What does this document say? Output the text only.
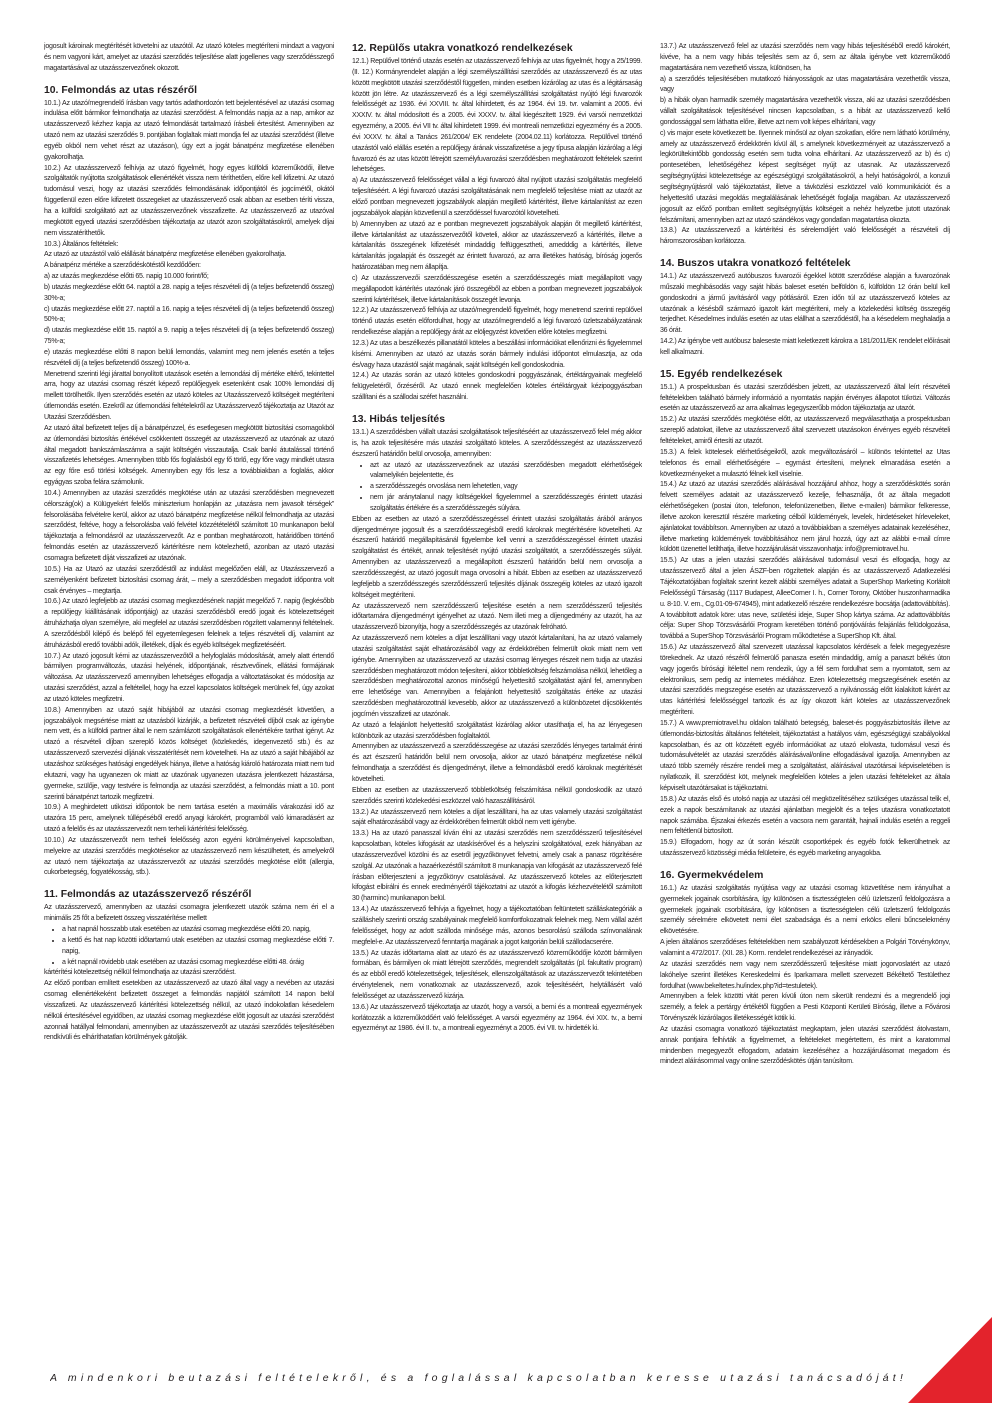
jogosult károinak megtérítését követelni az utazótól. Az utazó köteles megtéríteni mindazt a vagyoni és nem vagyoni kárt, amelyet az utazási szerződés teljesítése alatt jogellenes vagy szerződésszegő magatartásával az utazásszervezőnek okozott.

10. Felmondás az utas részéről

10.1.) Az utazó/megrendelő írásban vagy tartós adathordozón tett bejelentésével az utazási csomag indulása előtt bármikor felmondhatja az utazási szerződést. A felmondás napja az a nap, amikor az utazásszervező kézhez kapja az utazó felmondását tartalmazó írásbeli értesítést. Amennyiben az utazó nem az utazási szerződés 9. pontjában foglaltak miatt mondja fel az utazási szerződést (illetve egyéb okból nem vehet részt az utazáson), úgy ezt a jogát bánatpénz megfizetése ellenében gyakorolhatja.

10.2.) Az utazásszervező felhívja az utazó figyelmét, hogy egyes külföldi közreműködői, illetve szolgáltatók nyújtotta szolgáltatások ellenértékét vissza nem téríthetően, előre kell kifizetni. Az utazó tudomásul veszi, hogy az utazási szerződés felmondásának időpontjától és jogcímétől, okától függetlenül ezen előre kifizetett összegeket az utazásszervező csak abban az esetben téríti vissza, ha a külföldi szolgáltató azt az utazásszervezőnek visszafizette. Az utazásszervező az utazóval megkötött egyedi utazási szerződésben tájékoztatja az utazót azon szolgáltatásokról, amelyek díjai nem visszatéríthetők.

10.3.) Általános feltételek:

Az utazó az utazástól való elállását bánatpénz megfizetése ellenében gyakorolhatja.

A bánatpénz mértéke a szerződéskötéstől kezdődően:

a) az utazás megkezdése előtti 65. napig 10.000 forint/fő;

b) utazás megkezdése előtt 64. naptól a 28. napig a teljes részvételi díj (a teljes befizetendő összeg) 30%-a;

c) utazás megkezdése előtt 27. naptól a 16. napig a teljes részvételi díj (a teljes befizetendő összeg) 50%-a;

d) utazás megkezdése előtt 15. naptól a 9. napig a teljes részvételi díj (a teljes befizetendő összeg) 75%-a;

e) utazás megkezdése előtti 8 napon belüli lemondás, valamint meg nem jelenés esetén a teljes részvételi díj (a teljes befizetendő összeg) 100%-a.

Menetrend szerinti légi járattal bonyolított utazások esetén a lemondási díj mértéke eltérő, tekintettel arra, hogy az utazási csomag részét képező repülőjegyek esetenként csak 100% lemondási díj mellett törölhetők. Ilyen szerződés esetén az utazó köteles az Utazásszervező költségeit megtéríteni útlemondás esetén. Ezekről az útlemondási feltételekről az Utazásszervező tájékoztatja az Utazót az Utazási Szerződésben.

Az utazó által befizetett teljes díj a bánatpénzzel, és esetlegesen megkötött biztosítási csomagokból az útlemondási biztosítás értékével csökkentett összegét az utazásszervező az utazónak az utazó által megadott bankszámlaszámra a saját költségén visszautalja. Csak banki átutalással történő visszafizetés lehetséges. Amennyiben több fős foglalásból egy fő törlő, egy főre vagy mindkét utasra az egy főre eső törlési költségek. Amennyiben egy fős lesz a továbbiakban a foglalás, akkor egyágyas szoba felára számolunk.

10.4.) Amennyiben az utazási szerződés megkötése után az utazási szerződésben megnevezett célország(ok) a Külügyekért felelős miniszterium honlapján az „utazásra nem javasolt térségek” felsorolásába felvételre kerül, akkor az utazó bánatpénz megfizetése nélkül felmondhatja az utazási szerződést, feltéve, hogy a felsorolásba való felvétel közzétételétől számított 10 munkanapon belül tájékoztatja a felmondásról az utazásszervezőt. Az e pontban meghatározott, határidőben történő felmondás esetén az utazásszervező kártérítésre nem kötelezhető, azonban az utazó utazási csomagra befizetett díját visszafizeti az utazónak.

10.5.) Ha az Utazó az utazási szerződéstől az indulást megelőzően eláll, az Utazásszervező a személyenként befizetett biztosítási csomag árát, – mely a szerződésben megadott időpontra volt csak érvényes – megtartja.

10.6.) Az utazó legfeljebb az utazási csomag megkezdésének napját megelőző 7. napig (legkésőbb a repülőjegy kiállításának időpontjáig) az utazási szerződésből eredő jogait és kötelezettségeit átruházhatja olyan személyre, aki megfelel az utazási szerződésben rögzített valamennyi feltételnek. A szerződésből kilépő és belépő fél egyetemlegesen felelnek a teljes részvételi díj, valamint az átruházásból eredő további adók, illetékek, díjak és egyéb költségek megfizetéséért.

10.7.) Az utazó jogosult kérni az utazásszervezőtől a helyfoglalás módosítását, amely alatt értendő bármilyen programváltozás, utazási helyének, időpontjának, résztvevőinek, ellátási formájának változása. Az utazásszervező amennyiben lehetséges elfogadja a változtatásokat és módosítja az utazási szerződést, azzal a feltétellel, hogy ha ezzel kapcsolatos költségek merülnek fel, úgy azokat az utazó köteles megfizetni.

10.8.) Amennyiben az utazó saját hibájából az utazási csomag megkezdését követően, a jogszabályok megsértése miatt az utazásból kizárják, a befizetett részvételi díjból csak az igénybe nem vett, és a külföldi partner által le nem számlázott szolgáltatások ellenértékére tarthat igényt. Az utazó a részvételi díjban szereplő közös költséget (közlekedés, idegenvezető stb.) és az utazásszervező szervezési díjának visszatérítését nem követelheti. Ha az utazó a saját hibájából az utazáshoz szükséges hatósági engedélyek hiánya, illetve a hatóság kiároló határozata miatt nem tud elutazni, vagy ha ugyanezen ok miatt az utazónak ugyanezen utazásra jelentkezett házastársa, gyermeke, szülője, vagy testvére is felmondja az utazási szerződést, a felmondás miatt a 10. pont szerinti bánatpénzt tartozik megfizetni.

10.9.) A meghirdetett utiköszi időpontok be nem tartása esetén a maximális várakozási idő az utazóra 15 perc, amelynek túllépéséből eredő anyagi károkért, programból való kimaradásért az utazó a felelős és az utazásszervezőt nem terheli kártérítési felelősség.

10.10.) Az utazásszervezőt nem terheli felelősség azon egyéni körülményeivel kapcsolatban, melyekre az utazási szerződés megkötésekor az utazásszervező nem készülhetett, és amelyekről az utazó nem tájékoztatja az utazásszervezőt az utazási szerződés megkötése előtt (allergia, cukorbetegség, fogyatékosság, stb.).

11. Felmondás az utazásszervező részéről

Az utazásszervező, amennyiben az utazási csomagra jelentkezett utazók száma nem éri el a minimális 25 főt a befizetett összeg visszatérítése mellett

• a hat napnál hosszabb utak esetében az utazási csomag megkezdése előtti 20. napig,
• a kettő és hat nap közötti időtartamú utak esetében az utazási csomag megkezdése előtti 7. napig,
• a két napnál rövidebb utak esetében az utazási csomag megkezdése előtti 48. óráig

kártérítési kötelezettség nélkül felmondhatja az utazási szerződést.

Az előző pontban említett esetekben az utazásszervező az utazó által vagy a nevében az utazási csomag ellenértékeként befizetett összeget a felmondás napjától számított 14 napon belül visszafizeti. Az utazásszervező kártérítési kötelezettség nélkül, az utazó indokolatlan késedelem nélküli értesítésével egyidőben, az utazási csomag megkezdése előtt jogosult az utazási szerződést azonnali hatállyal felmondani, amennyiben az utazásszervezőt az utazási szerződés teljesítésében rendkívüli és elháríthatatlan körülmények gátolják.

12. Repülős utakra vonatkozó rendelkezések

12.1.) Repülővel történő utazás esetén az utazásszervező felhívja az utas figyelmét, hogy a 25/1999. (II. 12.) Kormányrendelet alapján a légi személyszállítási szerződés az utazásszervező és az utas között megkötött utazási szerződéstől független, minden esetben kizárólag az utas és a légitársaság között jön létre. Az utazásszervező és a légi személyszállítási szolgáltatást nyújtó légi fuvarozók felelősségét az 1936. évi XXVIII. tv. által kihirdetett, és az 1964. évi 19. tvr. valamint a 2005. évi XXXIV. tv. által módosított és a 2005. évi XXXV. tv. által kiegészített 1929. évi varsói nemzetközi egyezmény, a 2005. évi VII tv. által kihirdetett 1999. évi montreali nemzetközi egyezmény és a 2005. évi XXXV. tv. által a Tanács 261/2004/ EK rendelete (2004.02.11) korlátozza. Repülővel történő utazástól való elállás esetén a repülőjegy árának visszafizetése a jegy típusa alapján kizárólag a légi fuvarozó és az utas között létrejött személyfuvarozási szerződésben meghatározott feltételek szerint lehetséges.

a) Az utazásszervező felelősséget vállal a légi fuvarozó által nyújtott utazási szolgáltatás megfelelő teljesítéséért. A légi fuvarozó utazási szolgáltatásának nem megfelelő teljesítése miatt az utazót az előző pontban megnevezett jogszabályok alapján megillető kártérítést, illetve kártalanítást az ezen jogszabályok alapján közvetlenül a szerződéssel fuvarozótól követelheti.

b) Amennyiben az utazó az e pontban megnevezett jogszabályok alapján őt megillető kártérítést, illetve kártalanítást az utazásszervezőtől követeli, akkor az utazásszervező a kártérítés, illetve a kártalanítás összegének kifizetését mindaddig felfüggesztheti, amedddig a kártérítés, illetve kártalanítás jogalapját és összegét az érintett fuvarozó, az arra illetékes hatóság, bíróság jogerős határozatában meg nem állapítja.

c) Az utazásszervezői szerződésszegése esetén a szerződésszegés miatt megállapított vagy megállapodott kártérítés utazónak járó összegéből az ebben a pontban megnevezett jogszabályok szerinti kártérítések, illetve kártalanítások összegét levonja.

12.2.) Az utazásszervező felhívja az utazó/megrendelő figyelmét, hogy menetrend szerinti repülővel történő utazás esetén előfordulhat, hogy az utazó/megrendelő a légi fuvarozó üzletszabályzatának rendelkezése alapján a repülőjegy árát az elöljegyzést követően előre köteles megfizetni.

12.3.) Az utas a beszélkezés pillanatától köteles a beszállási információkat ellenőrizni és figyelemmel kísérni. Amennyiben az utazó az utazás során bármely indulási időpontot elmulasztja, az oda és/vagy haza utazástól saját magának, saját költségén kell gondoskodnia.

12.4.) Az utazás során az utazó köteles gondoskodni poggyászának, értéktárgyainak megfelelő felügyeletéről, őrzéséről. Az utazó ennek megfelelően köteles értéktárgyait kézipoggyászban szállítani és a szállodai széfet használni.

13. Hibás teljesítés

13.1.) A szerződésben vállalt utazási szolgáltatások teljesítéséért az utazásszervező felel még akkor is, ha azok teljesítésére más utazási szolgáltató köteles. A szerződésszegést az utazásszervező észszerű határidőn belül orvosolja, amennyiben:

• azt az utazó az utazásszervezőnek az utazási szerződésben megadott elérhetőségek valamelyikén bejelentette, és
• a szerződésszegés orvoslása nem lehetetlen, vagy
• nem jár aránytalanul nagy költségekkel figyelemmel a szerződésszegés érintett utazási szolgáltatás értékére és a szerződésszegés súlyára.

Ebben az esetben az utazó a szerződésszegéssel érintett utazási szolgáltatás árából arányos díjengedményre jogosult és a szerződésszegésből eredő károknak megtérítésére követelheti. Az észszerű határidő megállapításánál figyelembe kell venni a szerződésszegéssel érintett utazási szolgáltatást és értékét, annak teljesítését nyújtó utazási szolgáltatót, a szerződésszegés súlyát. Amennyiben az utazásszervező a megállapított észszerű határidőn belül nem orvosolja a szerződésszegést, az utazó jogosult maga orvosolni a hibát. Ebben az esetben az utazásszervező legfeljebb a szerződésszegés szerződésszerű teljesítés díjának összegéig köteles az utazó igazolt költségeit megtéríteni.

Az utazásszervező nem szerződésszerű teljesítése esetén a nem szerződésszerű teljesítés időtartamára díjengedményt igényelhet az utazó. Nem illeti meg a díjengedmény az utazót, ha az utazásszervező bizonyítja, hogy a szerződésszegés az utazónak felróható.

Az utazásszervező nem köteles a díjat leszállítani vagy utazót kártalanítani, ha az utazó valamely utazási szolgáltatást saját elhatározásából vagy az érdekkörében felmerült okok miatt nem vett igénybe. Amennyiben az utazásszervező az utazási csomag lényeges részeit nem tudja az utazási szerződésben meghatározott módon teljesíteni, akkor többletköltség felszámolása nélkül, lehetőleg a szerződésben meghatározottal azonos minőségű helyettesítő szolgáltatást ajánl fel, amennyiben erre lehetősége van. Amennyiben a felajánlott helyettesítő szolgáltatás értéke az utazási szerződésben meghatározottnál kevesebb, akkor az utazásszervező a különbözetet díjcsökkentés jogcímén visszafizeti az utazónak.

Az utazó a felajánlott helyettesítő szolgáltatást kizárólag akkor utasíthatja el, ha az lényegesen különbözik az utazási szerződésben foglaltaktól.

Amennyiben az utazásszervező a szerződésszegése az utazási szerződés lényeges tartalmát érinti és azt észszerű határidőn belül nem orvosolja, akkor az utazó bánatpénz megfizetése nélkül felmondhatja a szerződést és díjengedményt, illetve a felmondásból eredő károknak megtérítését követelheti.

Ebben az esetben az utazásszervező többletköltség felszámítása nélkül gondoskodik az utazó szerződés szerinti közlekedési eszközzel való hazaszállításáról.

13.2.) Az utazásszervező nem köteles a díjat leszállítani, ha az utas valamely utazási szolgáltatást saját elhatározásából vagy az érdekkörében felmerült okból nem vett igénybe.

13.3.) Ha az utazó panasszal kíván élni az utazási szerződés nem szerződésszerű teljesítésével kapcsolatban, köteles kifogását az utaskísérővel és a helyszíni szolgáltatóval, ezek hiányában az utazásszervezővel közölni és az esetről jegyzőkönyvet felvetni, amely csak a panasz rögzítésére szolgál. Az utazónak a hazaérkezéstől számított 8 munkanapja van kifogását az utazásszervező felé írásban előterjeszteni a jegyzőkönyv csatolásával. Az utazásszervező köteles az előterjesztett kifogást elbírálni és ennek eredményéről tájékoztatni az utazót a kifogás kézhezvételétől számított 30 (harminc) munkanapon belül.

13.4.) Az utazásszervező felhívja a figyelmet, hogy a tájékoztatóban feltüntetett szálláskategóriák a szálláshely szerinti ország szabályainak megfelelő komfortfokozatnak felelnek meg. Nem vállal azért felelősséget, hogy az adott szálloda minősége más, azonos besorolású szálloda színvonalának megfelel-e. Az utazásszervező fenntartja magának a jogot katgorián belüli szállodacserére.

13.5.) Az utazás időtartama alatt az utazó és az utazásszervező közreműködője között bármilyen formában, és bármilyen ok miatt létrejött szerződés, megrendelt szolgáltatás (pl. fakultatív program) és az ebből eredő kötelezettségek, teljesítések, ellenszolgáltatások az utazásszervezőt tekintetében érvénytelenek, nem vonatkoznak az utazásszervező, azok teljesítéséért, helytállásért való felelősséget az utazásszervező kizárja.

13.6.) Az utazásszervező tájékoztatja az utazót, hogy a varsói, a berni és a montreali egyezmények korlátozzák a közreműködőért való felelősséget. A varsói egyezmény az 1964. évi XIX. tv., a berni egyezményt az 1986. évi II. tv., a montreali egyezményt a 2005. évi VII. tv. hirdették ki.

13.7.) Az utazásszervező felel az utazási szerződés nem vagy hibás teljesítéséből eredő károkért, kivéve, ha a nem vagy hibás teljesítés sem az ő, sem az általa igénybe vett közreműködő magatartására nem vezethető vissza, különösen, ha

a) a szerződés teljesítésében mutatkozó hiányosságok az utas magatartására vezethetők vissza, vagy

b) a hibák olyan harmadik személy magatartására vezethetők vissza, aki az utazási szerződésben vállalt szolgáltatások teljesítésével nincsen kapcsolatban, s a hibát az utazásszervező kellő gondossággal sem láthatta előre, illetve azt nem volt képes elhárítani, vagy

c) vis major esete következett be. Ilyennek minősül az olyan szokatlan, előre nem látható körülmény, amely az utazásszervező érdekkörén kívül áll, s amelynek következményeit az utazásszervező a legkörültekintőbb gondosság esetén sem tudta volna elhárítani. Az utazásszervező az b) és c) pontesetében, lehetőségéhez képest segítséget nyújt az utasnak. Az utazásszervező segítségnyújtási kötelezettsége az egészségügyi szolgáltatásokról, a helyi hatóságokról, a konzuli segítségnyújtásról való tájékoztatást, illetve a távközlési eszközzel való kommunikációt és a helyettesítő utazási megoldás megtalálásának lehetőségét foglalja magában. Az utazásszervező jogosult az előző pontban említett segítségnyújtás költségeit a nehéz helyzetbe jutott utazónak felszámítani, amennyiben azt az utazó szándékos vagy gondatlan magatartása okozta.

13.8.) Az utazásszervező a kártérítési és sérelemdíjért való felelősségét a részvételi díj háromszorosában korlátozza.

14. Buszos utakra vonatkozó feltételek

14.1.) Az utazásszervező autóbuszos fuvarozói égekkel kötött szerződése alapján a fuvarozónak műszaki meghibásodás vagy saját hibás baleset esetén belföldön 6, külföldön 12 órán belül kell gondoskodni a jármű javításáról vagy pótlásáról. Ezen időn túl az utazásszervező köteles az utazónak a késésből származó igazolt kárt megtéríteni, mely a közlekedési költség összegéig terjedhet. Késedelmes indulás esetén az utas elállhat a szerződéstől, ha a késedelem meghaladja a 36 órát.

14.2.) Az igénybe vett autóbusz baleseste miatt keletkezett károkra a 181/2011/EK rendelet előírásait kell alkalmazni.

15. Egyéb rendelkezések

15.1.) A prospektusban és utazási szerződésben jelzett, az utazásszervező által leírt részvételi feltételekben található bármely információ a nyomtatás napján érvényes állapotot tükrözi. Változás esetén az utazásszervező az arra alkalmas legegyszerűbb módon tájékoztatja az utazót.

15.2.) Az utazási szerződés megkötése előtt, az utazásszervező megválaszthatja a prospektusban szereplő adatokat, illetve az utazásszervező által szervezett utazásokon érvényes egyéb részvételi feltételeket, amiről értesíti az utazót.

15.3.) A felek kötelesek elérhetőségeikről, azok megváltozásáról – különös tekintettel az Utas telefonos és email elérhetőségére – egymást értesíteni, melynek elmaradása esetén a következményeket a mulasztó félnek kell viselnie.

15.4.) Az utazó az utazási szerződés aláírásával hozzájárul ahhoz, hogy a szerződéskötés során felvett személyes adatait az utazásszervező kezelje, felhasználja, őt az általa megadott elérhetőségeken (postai úton, telefonon, telefonüzenetben, illetve e-mailen) bármikor felkeresse, illetve azokon keresztül részére marketing célból küldemények, levelek, hirdetéseket hírleveleket, ajánlatokat továbbítson. Amennyiben az utazó a továbbiakban a személyes adatainak kezeléséhez, illetve marketing küldemények továbbításához nem járul hozzá, úgy azt az alábbi e-mail címre küldött üzenettel letilthatja, illetve hozzájárulását visszavonhatja: info@premiotravel.hu.

15.5.) Az utas a jelen utazási szerződés aláírásával tudomásul veszi és elfogadja, hogy az utazásszervező által a jelen ÁSZF-ben rögzítettek alapján és az utazásszervező Adatkezelési Tájékoztatójában foglaltak szerint kezelt alábbi személyes adatait a SuperShop Marketing Korlátolt Felelősségű Társaság (1117 Budapest, AlleeCorner I. h., Corner Torony, Október huszonharmadika u. 8-10. V. em., Cg.01-09-674945), mint adatkezelő részére rendelkezésre bocsátja (adattovábbítás). A továbbított adatok köre: utas neve, születési ideje, Super Shop kártya száma. Az adattovábbítás célja: Super Shop Törzsvásárlói Program keretében történő pontjóváírás felajánlás felüdolgozása, továbbá a SuperShop Törzsvásárlói Program működtetése a SuperShop Kft. által.

15.6.) Az utazásszervező által szervezett utazással kapcsolatos kérdések a felek megegyezésre törekednek. Az utazó részéről felmerülő panasza esetén mindaddig, amíg a panaszt békés úton vagy jogerős bírósági ítélettel nem rendezik, úgy a fél sem fordulhat sem a nyomtatott, sem az elektronikus, sem pedig az internetes médiához. Ezen kötelezettség megszegésének esetén az utazási szerződés megszegése esetén az utazásszervező a nyilvánosság előtt kialakított kárért az utas kártérítési felelősséggel tartozik és az így okozott kárt köteles az utazásszervezőnek megtéríteni.

15.7.) A www.premiotravel.hu oldalon található betegség, baleset-és poggyászbiztosítás illetve az útlemondás-biztosítás általános feltételeit, tájékoztatást a hatályos vám, egészségügyi szabályokkal kapcsolatban, és az ott közzétett egyéb információkat az utazó elolvasta, tudomásul veszi és tudomásulvételét az utazási szerződés aláírásával/online elfogadásával igazolja. Amennyiben az utazó több személy részére rendeli meg a szolgáltatást, aláírásával utazótársai képviseletében is nyilatkozik, ill. szerződést köt, melynek megfelelően köteles a jelen utazási feltételeket az általa képviselt utazótársakat is tájékoztatni.

15.8.) Az utazás első és utolsó napja az utazási cél megközelítéséhez szükséges utazással telik el, ezek a napok beszámítanak az utazási ajánlatban megjelölt és a teljes utazásra vonatkoztatott napok számába. Éjszakai érkezés esetén a vacsora nem garantált, hajnali indulás esetén a reggeli nem feltétlenül biztosított.

15.9.) Elfogadom, hogy az út során készült csoportképek és egyéb fotók felkerülhetnek az utazásszervező közösségi média felületeire, és egyéb marketing anyagokba.

16. Gyermekvédelem

16.1.) Az utazási szolgáltatás nyújtása vagy az utazási csomag közvetítése nem irányulhat a gyermekek jogainak csorbítására, így különösen a tisztességtelen célú üzletszerű feldolgozásra a gyermekek jogainak csorbítására, így különösen a tisztességtelen célú üzletszerű feldolgozás személy sérelmére elkövetett nemi élet szabadsága és a nemi erkölcs elleni bűncselekmény elkövetésére.

A jelen általános szerződéses feltételekben nem szabályozott kérdésekben a Polgári Törvénykönyv, valamint a 472/2017. (XII. 28.) Korm. rendelet rendelkezései az irányadók.

Az utazási szerződés nem vagy nem szerződésszerű teljesítése miatt jogorvoslatért az utazó lakóhelye szerint illetékes Kereskedelmi és Iparkamara mellett szervezett Békéltető Testülethez fordulhat (www.bekeltetes.hu/index.php?id=testuletek).

Amennyiben a felek közötti vitát peren kívüli úton nem sikerült rendezni és a megrendelő jogi személy, a felek a pertárgy értékétől függően a Pesti Központi Kerületi Bíróság, illetve a Fővárosi Törvényszék kizárólagos illetékességét kötik ki.

Az utazási csomagra vonatkozó tájékoztatást megkaptam, jelen utazási szerződést átolvastam, annak pontjaira felhívták a figyelmemet, a feltételeket megértettem, és mint a karatommal mindenben megegyezőt elfogadom, adataim kezeléséhez a hozzájárulásomat megadom és mindezt aláírásommal vagy online szerződéskötés útján tanúsítom.

A mindenkori beutazási feltételekről, és a foglalással kapcsolatban keresse utazási tanácsadóját!
